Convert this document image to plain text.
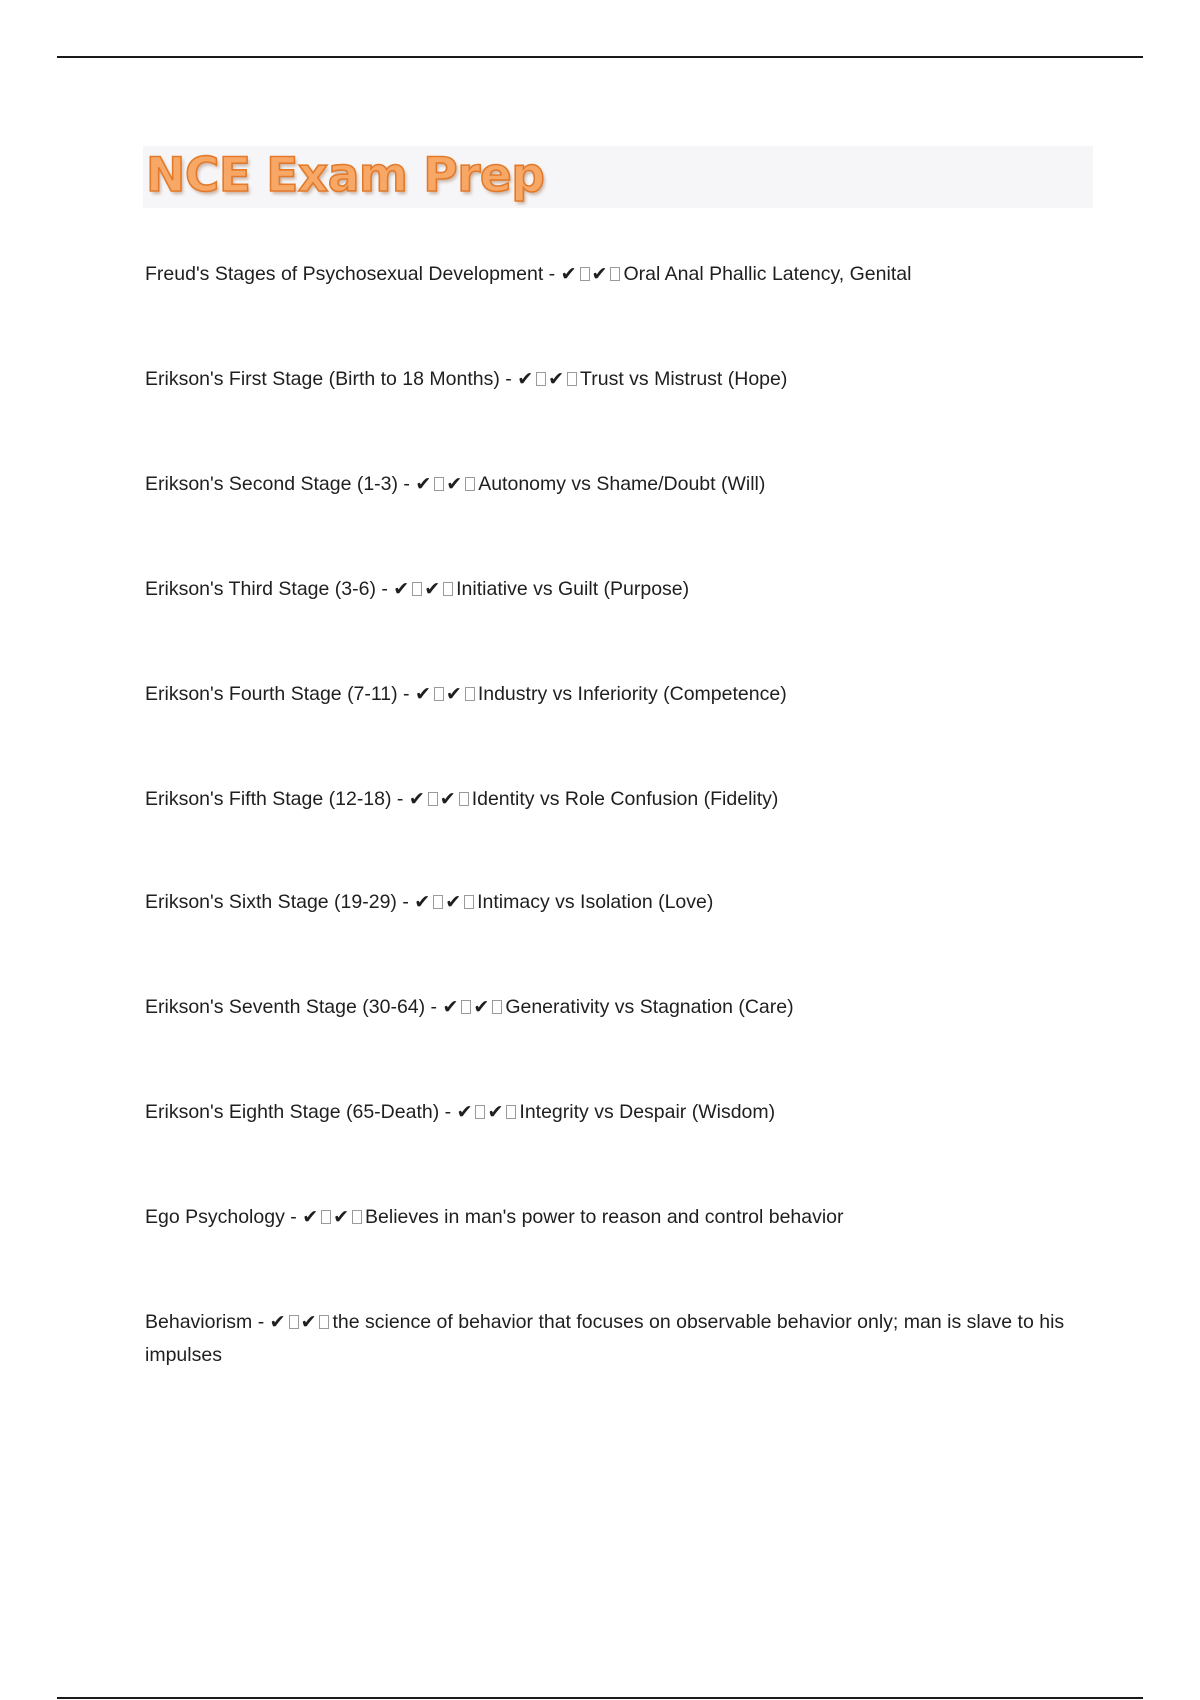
NCE Exam Prep
Freud's Stages of Psychosexual Development - ✔ ✔ Oral Anal Phallic Latency, Genital
Erikson's First Stage (Birth to 18 Months) - ✔ ✔ Trust vs Mistrust (Hope)
Erikson's Second Stage (1-3) - ✔ ✔ Autonomy vs Shame/Doubt (Will)
Erikson's Third Stage (3-6) - ✔ ✔ Initiative vs Guilt (Purpose)
Erikson's Fourth Stage (7-11) - ✔ ✔ Industry vs Inferiority (Competence)
Erikson's Fifth Stage (12-18) - ✔ ✔ Identity vs Role Confusion (Fidelity)
Erikson's Sixth Stage (19-29) - ✔ ✔ Intimacy vs Isolation (Love)
Erikson's Seventh Stage (30-64) - ✔ ✔ Generativity vs Stagnation (Care)
Erikson's Eighth Stage (65-Death) - ✔ ✔ Integrity vs Despair (Wisdom)
Ego Psychology - ✔ ✔ Believes in man's power to reason and control behavior
Behaviorism - ✔ ✔ the science of behavior that focuses on observable behavior only; man is slave to his impulses
